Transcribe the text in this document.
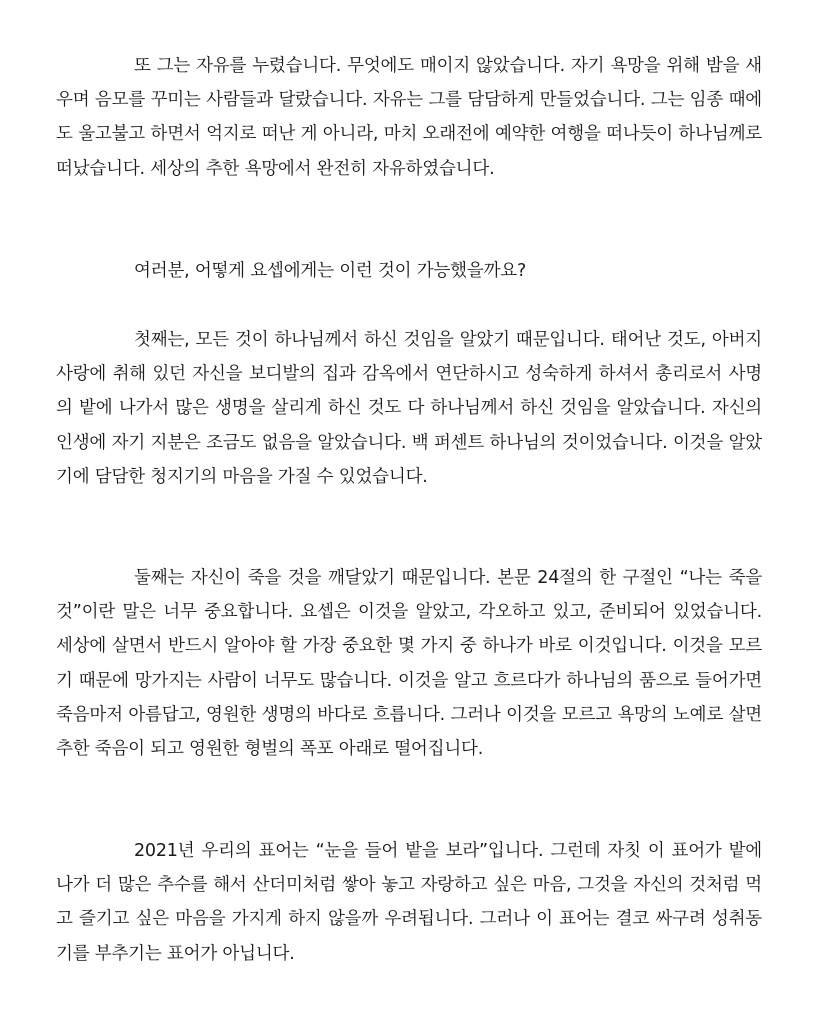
또 그는 자유를 누렸습니다. 무엇에도 매이지 않았습니다. 자기 욕망을 위해 밤을 새우며 음모를 꾸미는 사람들과 달랐습니다. 자유는 그를 담담하게 만들었습니다. 그는 임종 때에도 울고불고 하면서 억지로 떠난 게 아니라, 마치 오래전에 예약한 여행을 떠나듯이 하나님께로 떠났습니다. 세상의 추한 욕망에서 완전히 자유하였습니다.

여러분, 어떻게 요셉에게는 이런 것이 가능했을까요?

첫째는, 모든 것이 하나님께서 하신 것임을 알았기 때문입니다. 태어난 것도, 아버지 사랑에 취해 있던 자신을 보디발의 집과 감옥에서 연단하시고 성숙하게 하셔서 총리로서 사명의 밭에 나가서 많은 생명을 살리게 하신 것도 다 하나님께서 하신 것임을 알았습니다. 자신의 인생에 자기 지분은 조금도 없음을 알았습니다. 백 퍼센트 하나님의 것이었습니다. 이것을 알았기에 담담한 청지기의 마음을 가질 수 있었습니다.

둘째는 자신이 죽을 것을 깨달았기 때문입니다. 본문 24절의 한 구절인 “나는 죽을 것”이란 말은 너무 중요합니다. 요셉은 이것을 알았고, 각오하고 있고, 준비되어 있었습니다. 세상에 살면서 반드시 알아야 할 가장 중요한 몇 가지 중 하나가 바로 이것입니다. 이것을 모르기 때문에 망가지는 사람이 너무도 많습니다. 이것을 알고 흐르다가 하나님의 품으로 들어가면 죽음마저 아름답고, 영원한 생명의 바다로 흐릅니다. 그러나 이것을 모르고 욕망의 노예로 살면 추한 죽음이 되고 영원한 형벌의 폭포 아래로 떨어집니다.

2021년 우리의 표어는 “눈을 들어 밭을 보라”입니다. 그런데 자칫 이 표어가 밭에 나가 더 많은 추수를 해서 산더미처럼 쌓아 놓고 자랑하고 싶은 마음, 그것을 자신의 것처럼 먹고 즐기고 싶은 마음을 가지게 하지 않을까 우려됩니다. 그러나 이 표어는 결코 싸구려 성취동기를 부추기는 표어가 아닙니다.
